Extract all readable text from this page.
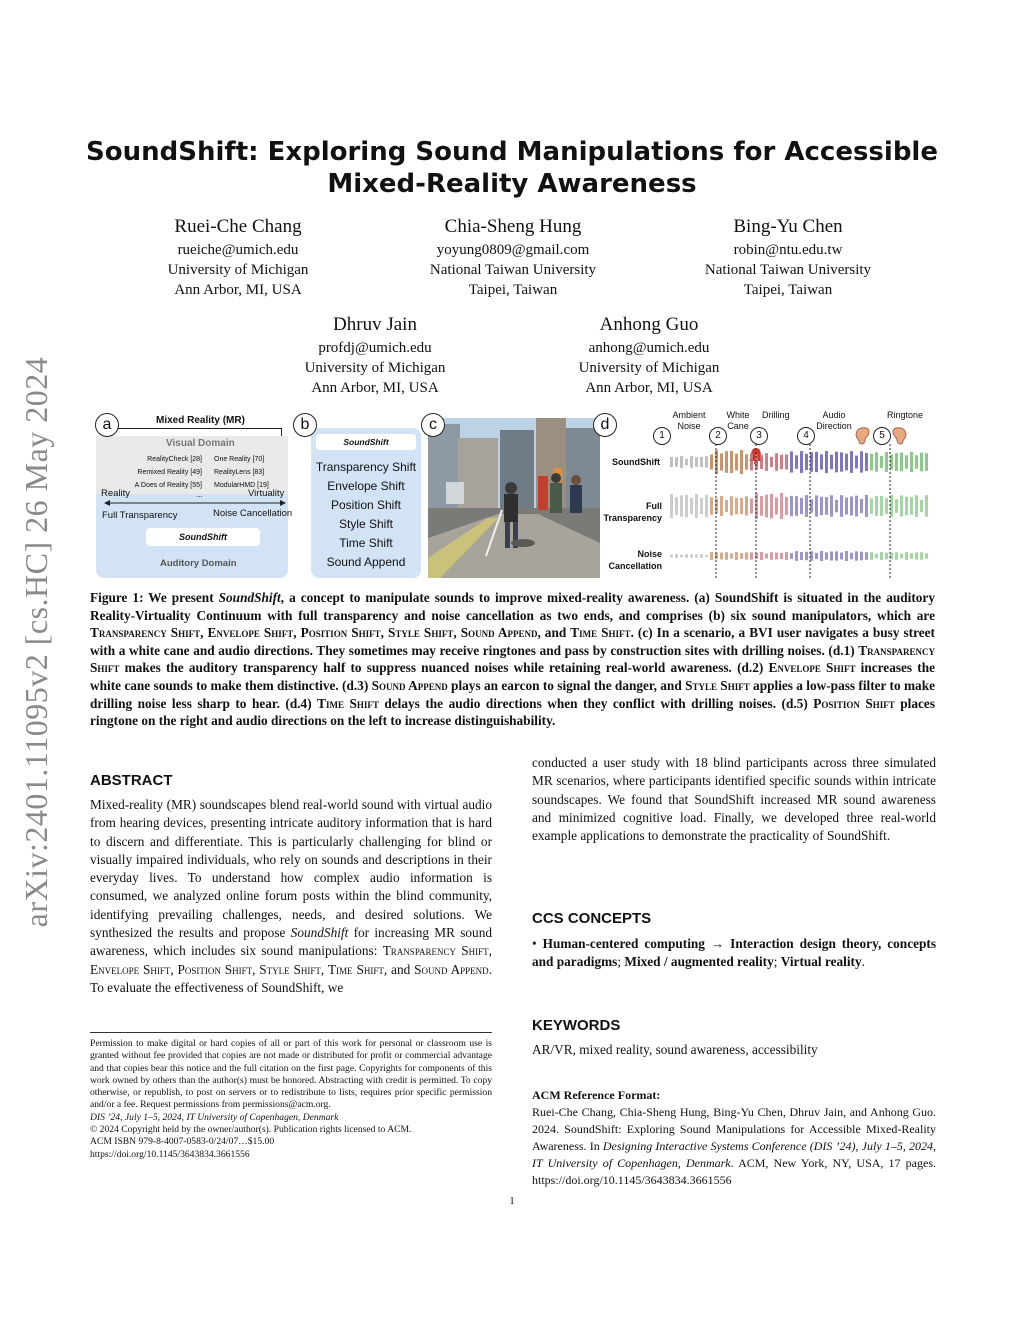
arXiv:2401.11095v2 [cs.HC] 26 May 2024
SoundShift: Exploring Sound Manipulations for Accessible
Mixed-Reality Awareness
Ruei-Che Chang
rueiche@umich.edu
University of Michigan
Ann Arbor, MI, USA
Chia-Sheng Hung
yoyung0809@gmail.com
National Taiwan University
Taipei, Taiwan
Bing-Yu Chen
robin@ntu.edu.tw
National Taiwan University
Taipei, Taiwan
Dhruv Jain
profdj@umich.edu
University of Michigan
Ann Arbor, MI, USA
Anhong Guo
anhong@umich.edu
University of Michigan
Ann Arbor, MI, USA
Mixed Reality (MR)
Visual Domain
RealityCheck [28]
Remixed Reality [49]
A Does of Reality [55]
One Reality [70]
RealityLens [83]
ModularHMD [19]
...
Reality	Virtuality
Full Transparency	Noise Cancellation
SoundShift
Auditory Domain
a
SoundShift
Transparency Shift
Envelope Shift
Position Shift
Style Shift
Time Shift
Sound Append
b	c	d
Ambient Noise
White Cane
Drilling	Audio Direction
Ringtone
1	2	3	4	5
SoundShift
Full Transparency
Noise Cancellation
Figure 1: We present SoundShift, a concept to manipulate sounds to improve mixed-reality awareness. (a) SoundShift is situated in the auditory Reality-Virtuality Continuum with full transparency and noise cancellation as two ends, and comprises (b) six sound manipulators, which are Transparency Shift, Envelope Shift, Position Shift, Style Shift, Sound Append, and Time Shift. (c) In a scenario, a BVI user navigates a busy street with a white cane and audio directions. They sometimes may receive ringtones and pass by construction sites with drilling noises. (d.1) Transparency Shift makes the auditory transparency half to suppress nuanced noises while retaining real-world awareness. (d.2) Envelope Shift increases the white cane sounds to make them distinctive. (d.3) Sound Append plays an earcon to signal the danger, and Style Shift applies a low-pass filter to make drilling noise less sharp to hear. (d.4) Time Shift delays the audio directions when they conflict with drilling noises. (d.5) Position Shift places ringtone on the right and audio directions on the left to increase distinguishability.
ABSTRACT
Mixed-reality (MR) soundscapes blend real-world sound with virtual audio from hearing devices, presenting intricate auditory information that is hard to discern and differentiate. This is particularly challenging for blind or visually impaired individuals, who rely on sounds and descriptions in their everyday lives. To understand how complex audio information is consumed, we analyzed online forum posts within the blind community, identifying prevailing challenges, needs, and desired solutions. We synthesized the results and propose SoundShift for increasing MR sound awareness, which includes six sound manipulations: Transparency Shift, Envelope Shift, Position Shift, Style Shift, Time Shift, and Sound Append. To evaluate the effectiveness of SoundShift, we
Permission to make digital or hard copies of all or part of this work for personal or classroom use is granted without fee provided that copies are not made or distributed for profit or commercial advantage and that copies bear this notice and the full citation on the first page. Copyrights for components of this work owned by others than the author(s) must be honored. Abstracting with credit is permitted. To copy otherwise, or republish, to post on servers or to redistribute to lists, requires prior specific permission and/or a fee. Request permissions from permissions@acm.org.
DIS ’24, July 1–5, 2024, IT University of Copenhagen, Denmark
© 2024 Copyright held by the owner/author(s). Publication rights licensed to ACM.
ACM ISBN 979-8-4007-0583-0/24/07…$15.00
https://doi.org/10.1145/3643834.3661556
conducted a user study with 18 blind participants across three simulated MR scenarios, where participants identified specific sounds within intricate soundscapes. We found that SoundShift increased MR sound awareness and minimized cognitive load. Finally, we developed three real-world example applications to demonstrate the practicality of SoundShift.
CCS CONCEPTS
• Human-centered computing → Interaction design theory, concepts and paradigms; Mixed / augmented reality; Virtual reality.
KEYWORDS
AR/VR, mixed reality, sound awareness, accessibility
ACM Reference Format:
Ruei-Che Chang, Chia-Sheng Hung, Bing-Yu Chen, Dhruv Jain, and Anhong Guo. 2024. SoundShift: Exploring Sound Manipulations for Accessible Mixed-Reality Awareness. In Designing Interactive Systems Conference (DIS ’24), July 1–5, 2024, IT University of Copenhagen, Denmark. ACM, New York, NY, USA, 17 pages. https://doi.org/10.1145/3643834.3661556
1
